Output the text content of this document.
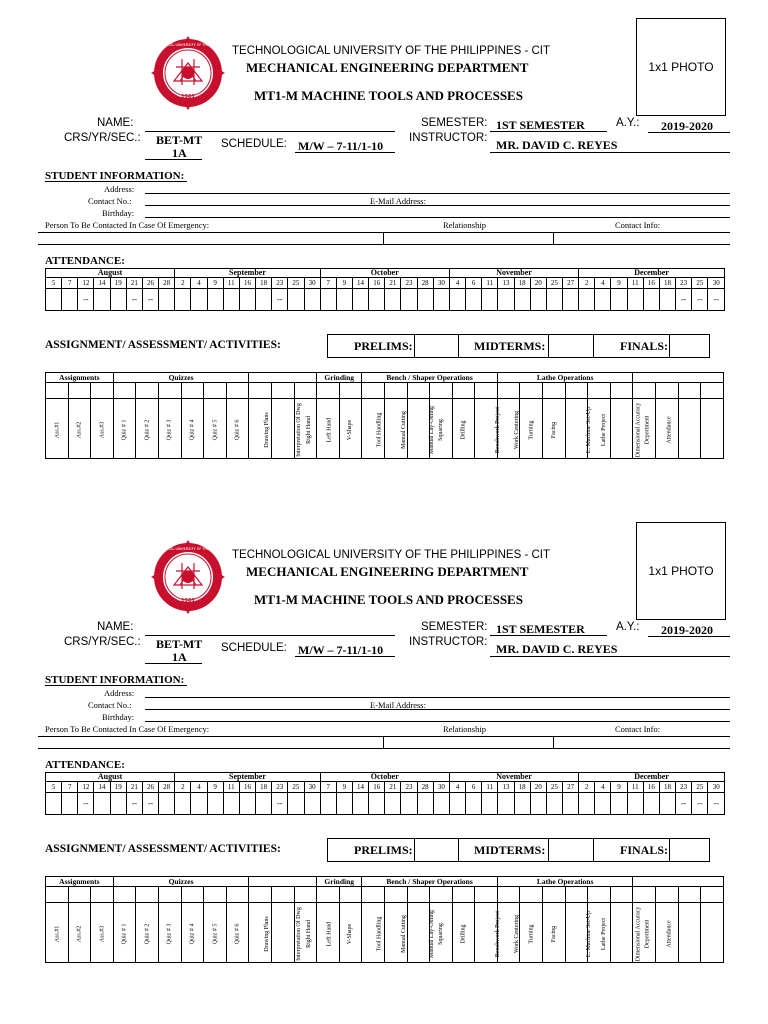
1901
TECHNOLOGICAL UNIVERSITY OF THE PHILIPPINES TECHNOLOGICAL UNIVERSITY OF THE PHILIPPINES - CIT
MECHANICAL ENGINEERING DEPARTMENT
MT1-M MACHINE TOOLS AND PROCESSES
1x1 PHOTO
NAME:
CRS/YR/SEC.: BET-MT
1A
SCHEDULE: M/W – 7-11/1-10
SEMESTER: 1ST SEMESTER	A.Y.: 2019-2020
INSTRUCTOR: MR. DAVID C. REYES
STUDENT INFORMATION:
Address:
Contact No.:	E-Mail Address:
Birthday:
Person To Be Contacted In Case Of Emergency:	Relationship	Contact Info:
ATTENDANCE:
August								September									October								November								December								
5	7	12	14	19	21	26	28	2	4	9	11	16	18	23	25	30	7	9	14	16	21	23	28	30	4	6	11	13	18	20	25	27	2	4	9	11	16	18	23	25	30
		--			--	--								--																									--	--	--
ASSIGNMENT/ ASSESSMENT/ ACTIVITIES:	PRELIMS:	MIDTERMS:	FINALS:
Assignments			Quizzes									Grinding		Bench / Shaper Operations						Lathe Operations									

Ass.#1	Ass.#2	Ass.#3	Quiz # 1	Quiz # 2	Quiz # 3	Quiz # 4	Quiz # 5	Quiz # 6	Drawing Plans	Interpretation Of Dwg	Right Hand	Left Hand	V-Shape	Tool Handling	Manual Cutting	Manual Lay-Outing	Squaring	Drilling	Benchwork Project	Work Centering	Turning	Facing	L. Machine Set-Up	Lathe Project	Dimensional Accuracy	Deportment	Attendance		
1901
TECHNOLOGICAL UNIVERSITY OF THE PHILIPPINES TECHNOLOGICAL UNIVERSITY OF THE PHILIPPINES - CIT
MECHANICAL ENGINEERING DEPARTMENT
MT1-M MACHINE TOOLS AND PROCESSES
1x1 PHOTO
NAME:
CRS/YR/SEC.: BET-MT
1A
SCHEDULE: M/W – 7-11/1-10
SEMESTER: 1ST SEMESTER	A.Y.: 2019-2020
INSTRUCTOR: MR. DAVID C. REYES
STUDENT INFORMATION:
Address:
Contact No.:	E-Mail Address:
Birthday:
Person To Be Contacted In Case Of Emergency:	Relationship	Contact Info:
ATTENDANCE:
August								September									October								November								December								
5	7	12	14	19	21	26	28	2	4	9	11	16	18	23	25	30	7	9	14	16	21	23	28	30	4	6	11	13	18	20	25	27	2	4	9	11	16	18	23	25	30
		--			--	--								--																									--	--	--
ASSIGNMENT/ ASSESSMENT/ ACTIVITIES:	PRELIMS:	MIDTERMS:	FINALS:
Assignments			Quizzes									Grinding		Bench / Shaper Operations						Lathe Operations									

Ass.#1	Ass.#2	Ass.#3	Quiz # 1	Quiz # 2	Quiz # 3	Quiz # 4	Quiz # 5	Quiz # 6	Drawing Plans	Interpretation Of Dwg	Right Hand	Left Hand	V-Shape	Tool Handling	Manual Cutting	Manual Lay-Outing	Squaring	Drilling	Benchwork Project	Work Centering	Turning	Facing	L. Machine Set-Up	Lathe Project	Dimensional Accuracy	Deportment	Attendance		
